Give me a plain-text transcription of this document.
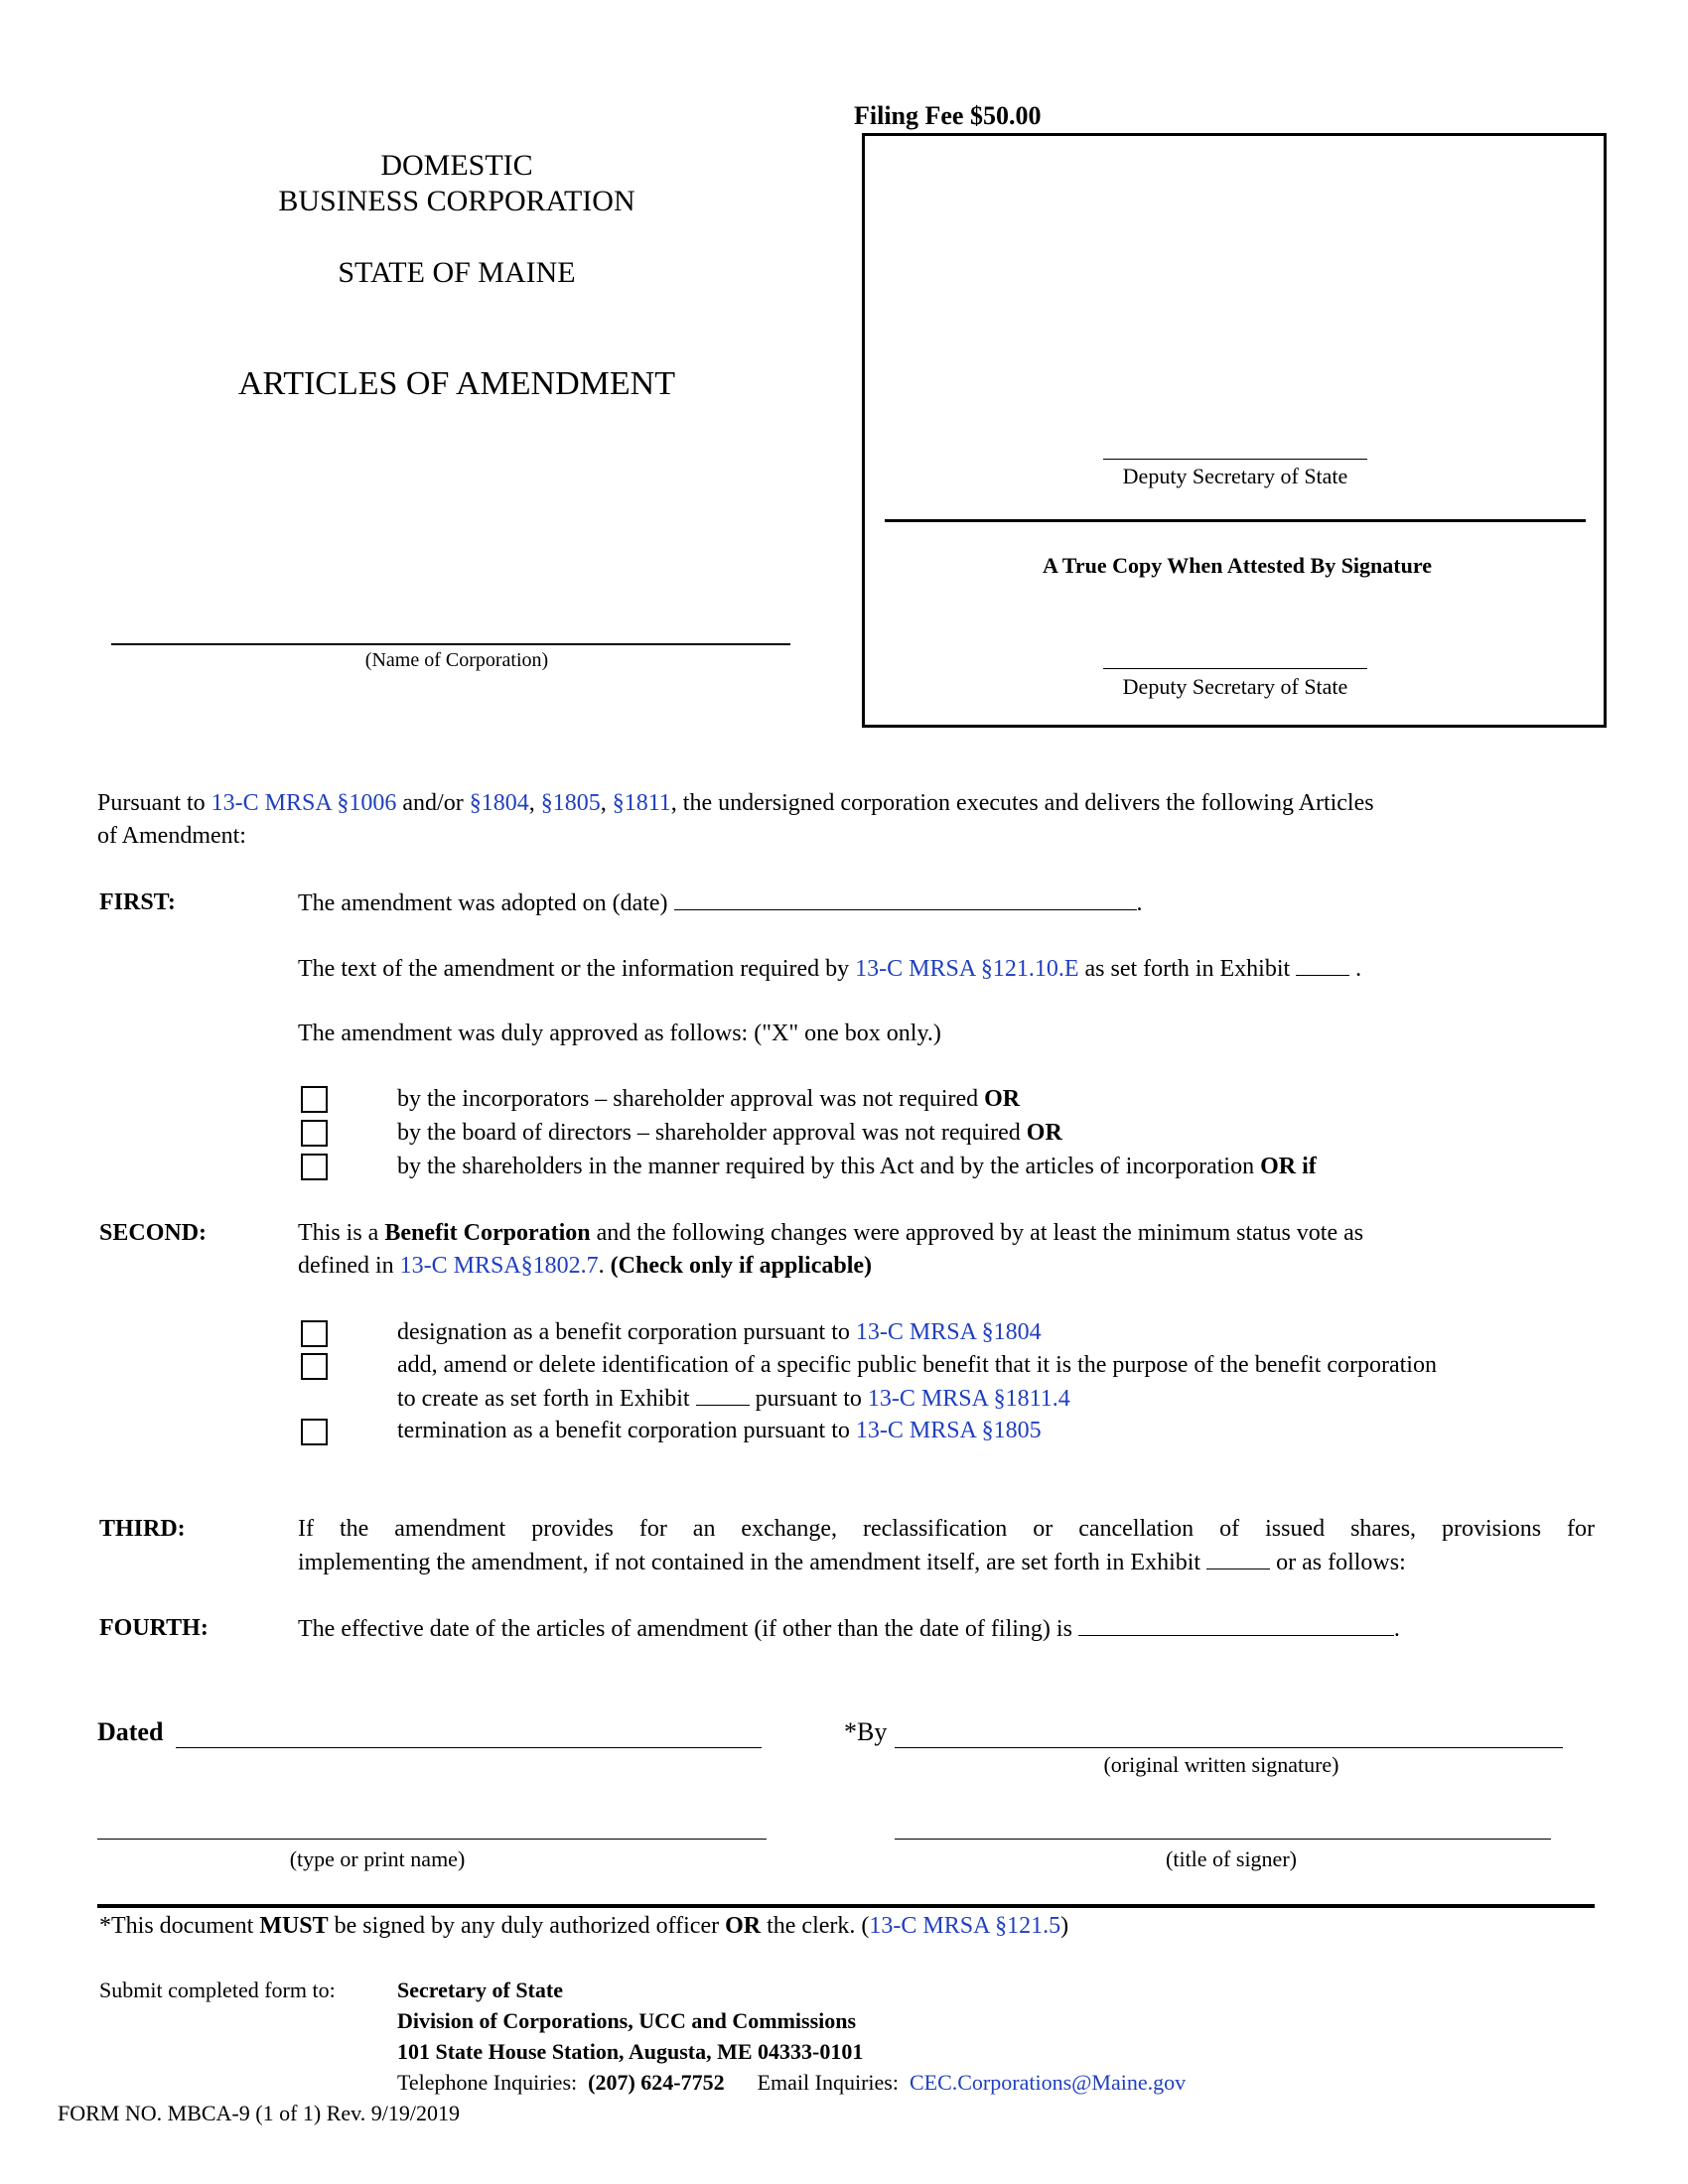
DOMESTIC
BUSINESS CORPORATION
STATE OF MAINE
ARTICLES OF AMENDMENT
(Name of Corporation)
Filing Fee $50.00
Deputy Secretary of State
A True Copy When Attested By Signature
Deputy Secretary of State
Pursuant to 13-C MRSA §1006 and/or §1804, §1805, §1811, the undersigned corporation executes and delivers the following Articles
of Amendment:
FIRST:	The amendment was adopted on (date)	.
The text of the amendment or the information required by 13-C MRSA §121.10.E as set forth in Exhibit	.
The amendment was duly approved as follows: ("X" one box only.)
by the incorporators – shareholder approval was not required OR
by the board of directors – shareholder approval was not required OR
by the shareholders in the manner required by this Act and by the articles of incorporation OR if
SECOND:	This is a Benefit Corporation and the following changes were approved by at least the minimum status vote as
defined in 13-C MRSA§1802.7. (Check only if applicable)
designation as a benefit corporation pursuant to 13-C MRSA §1804
add, amend or delete identification of a specific public benefit that it is the purpose of the benefit corporation
to create as set forth in Exhibit  pursuant to 13-C MRSA §1811.4
termination as a benefit corporation pursuant to 13-C MRSA §1805
THIRD:	If the amendment provides for an exchange, reclassification or cancellation of issued shares, provisions for
implementing the amendment, if not contained in the amendment itself, are set forth in Exhibit	or as follows:
FOURTH:	The effective date of the articles of amendment (if other than the date of filing) is	.
Dated	*By
(original written signature)
(type or print name)	(title of signer)
*This document MUST be signed by any duly authorized officer OR the clerk. (13-C MRSA §121.5)
Submit completed form to:	Secretary of State
Division of Corporations, UCC and Commissions
101 State House Station, Augusta, ME 04333-0101
Telephone Inquiries: (207) 624-7752 Email Inquiries: CEC.Corporations@Maine.gov
FORM NO. MBCA-9 (1 of 1) Rev. 9/19/2019
